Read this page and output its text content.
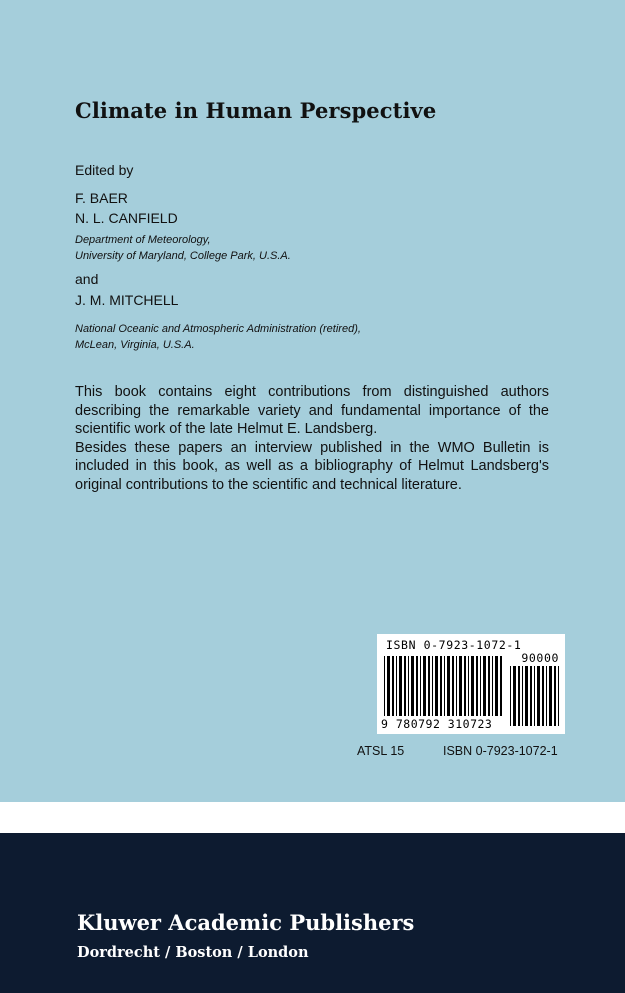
Climate in Human Perspective

Edited by

F. BAER

N. L. CANFIELD

Department of Meteorology,
University of Maryland, College Park, U.S.A.

and

J. M. MITCHELL

National Oceanic and Atmospheric Administration (retired),
McLean, Virginia, U.S.A.

This book contains eight contributions from distinguished authors describing the remarkable variety and fundamental importance of the scientific work of the late Helmut E. Landsberg.

Besides these papers an interview published in the WMO Bulletin is included in this book, as well as a bibliography of Helmut Landsberg's original contributions to the scientific and technical literature.

ISBN 0-7923-1072-1

90000

9 780792 310723

ATSL 15	ISBN 0-7923-1072-1

Kluwer Academic Publishers

Dordrecht / Boston / London
